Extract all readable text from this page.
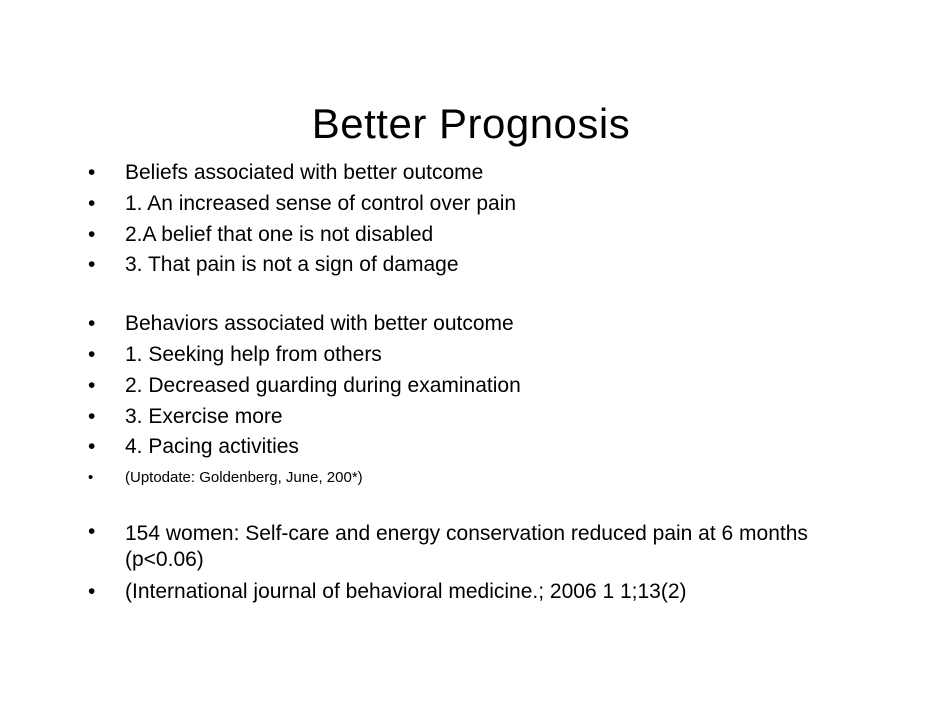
Better Prognosis
•	Beliefs associated with better outcome
•	1. An increased sense of control over pain
•	2.A belief that one is not disabled
•	3. That pain is not a sign of damage
•	Behaviors associated with better outcome
•	1. Seeking help from others
•	2. Decreased guarding during examination
•	3. Exercise more
•	4. Pacing activities
•	(Uptodate: Goldenberg, June, 200*)
•	154 women: Self-care and energy conservation reduced pain at 6 months (p<0.06)
•	(International journal of behavioral medicine.; 2006 1 1;13(2)
